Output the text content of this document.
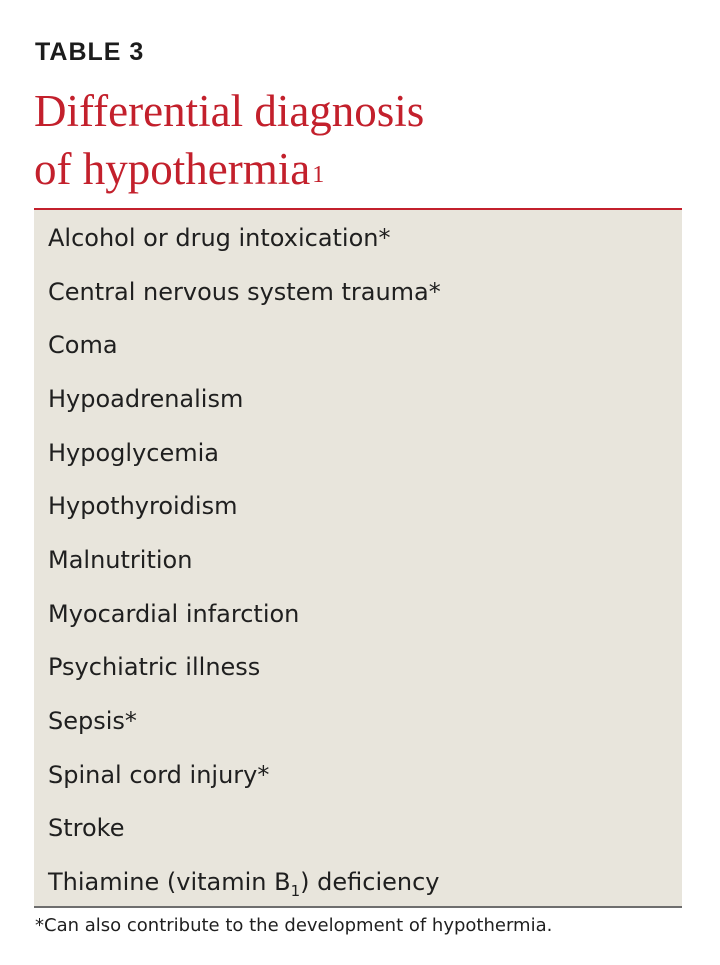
TABLE 3
Differential diagnosis
of hypothermia$^1$
Alcohol or drug intoxication*
Central nervous system trauma*
Coma
Hypoadrenalism
Hypoglycemia
Hypothyroidism
Malnutrition
Myocardial infarction
Psychiatric illness
Sepsis*
Spinal cord injury*
Stroke
Thiamine (vitamin $B_1$) deficiency
*Can also contribute to the development of hypothermia.
